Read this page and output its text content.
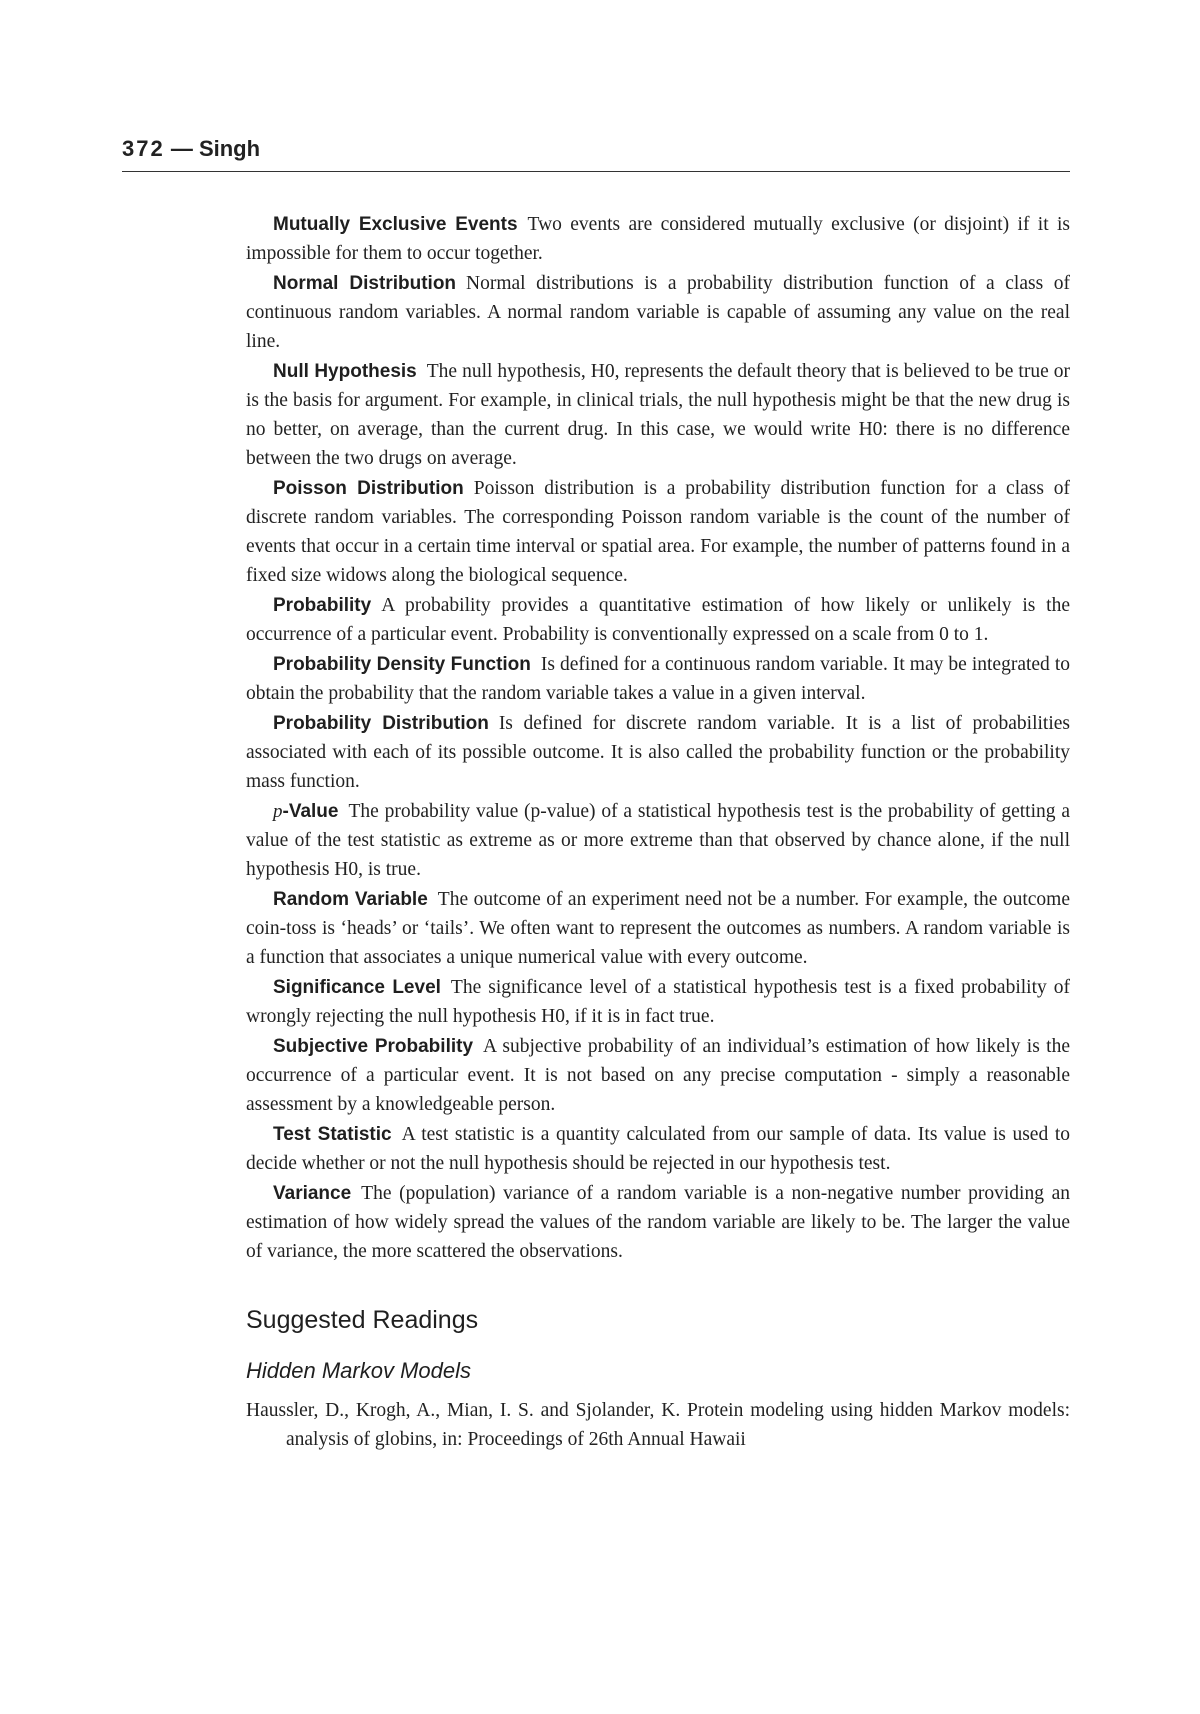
372 — Singh

Mutually Exclusive Events Two events are considered mutually exclusive (or disjoint) if it is impossible for them to occur together.

Normal Distribution Normal distributions is a probability distribution function of a class of continuous random variables. A normal random variable is capable of assuming any value on the real line.

Null Hypothesis The null hypothesis, H0, represents the default theory that is believed to be true or is the basis for argument. For example, in clinical trials, the null hypothesis might be that the new drug is no better, on average, than the current drug. In this case, we would write H0: there is no difference between the two drugs on average.

Poisson Distribution Poisson distribution is a probability distribution function for a class of discrete random variables. The corresponding Poisson random variable is the count of the number of events that occur in a certain time interval or spatial area. For example, the number of patterns found in a fixed size widows along the biological sequence.

Probability A probability provides a quantitative estimation of how likely or unlikely is the occurrence of a particular event. Probability is conventionally expressed on a scale from 0 to 1.

Probability Density Function Is defined for a continuous random variable. It may be integrated to obtain the probability that the random variable takes a value in a given interval.

Probability Distribution Is defined for discrete random variable. It is a list of probabilities associated with each of its possible outcome. It is also called the probability function or the probability mass function.

p-Value The probability value (p-value) of a statistical hypothesis test is the probability of getting a value of the test statistic as extreme as or more extreme than that observed by chance alone, if the null hypothesis H0, is true.

Random Variable The outcome of an experiment need not be a number. For example, the outcome coin-toss is ‘heads’ or ‘tails’. We often want to represent the outcomes as numbers. A random variable is a function that associates a unique numerical value with every outcome.

Significance Level The significance level of a statistical hypothesis test is a fixed probability of wrongly rejecting the null hypothesis H0, if it is in fact true.

Subjective Probability A subjective probability of an individual’s estimation of how likely is the occurrence of a particular event. It is not based on any precise computation - simply a reasonable assessment by a knowledgeable person.

Test Statistic A test statistic is a quantity calculated from our sample of data. Its value is used to decide whether or not the null hypothesis should be rejected in our hypothesis test.

Variance The (population) variance of a random variable is a non-negative number providing an estimation of how widely spread the values of the random variable are likely to be. The larger the value of variance, the more scattered the observations.

Suggested Readings
Hidden Markov Models

Haussler, D., Krogh, A., Mian, I. S. and Sjolander, K. Protein modeling using hidden Markov models: analysis of globins, in: Proceedings of 26th Annual Hawaii
